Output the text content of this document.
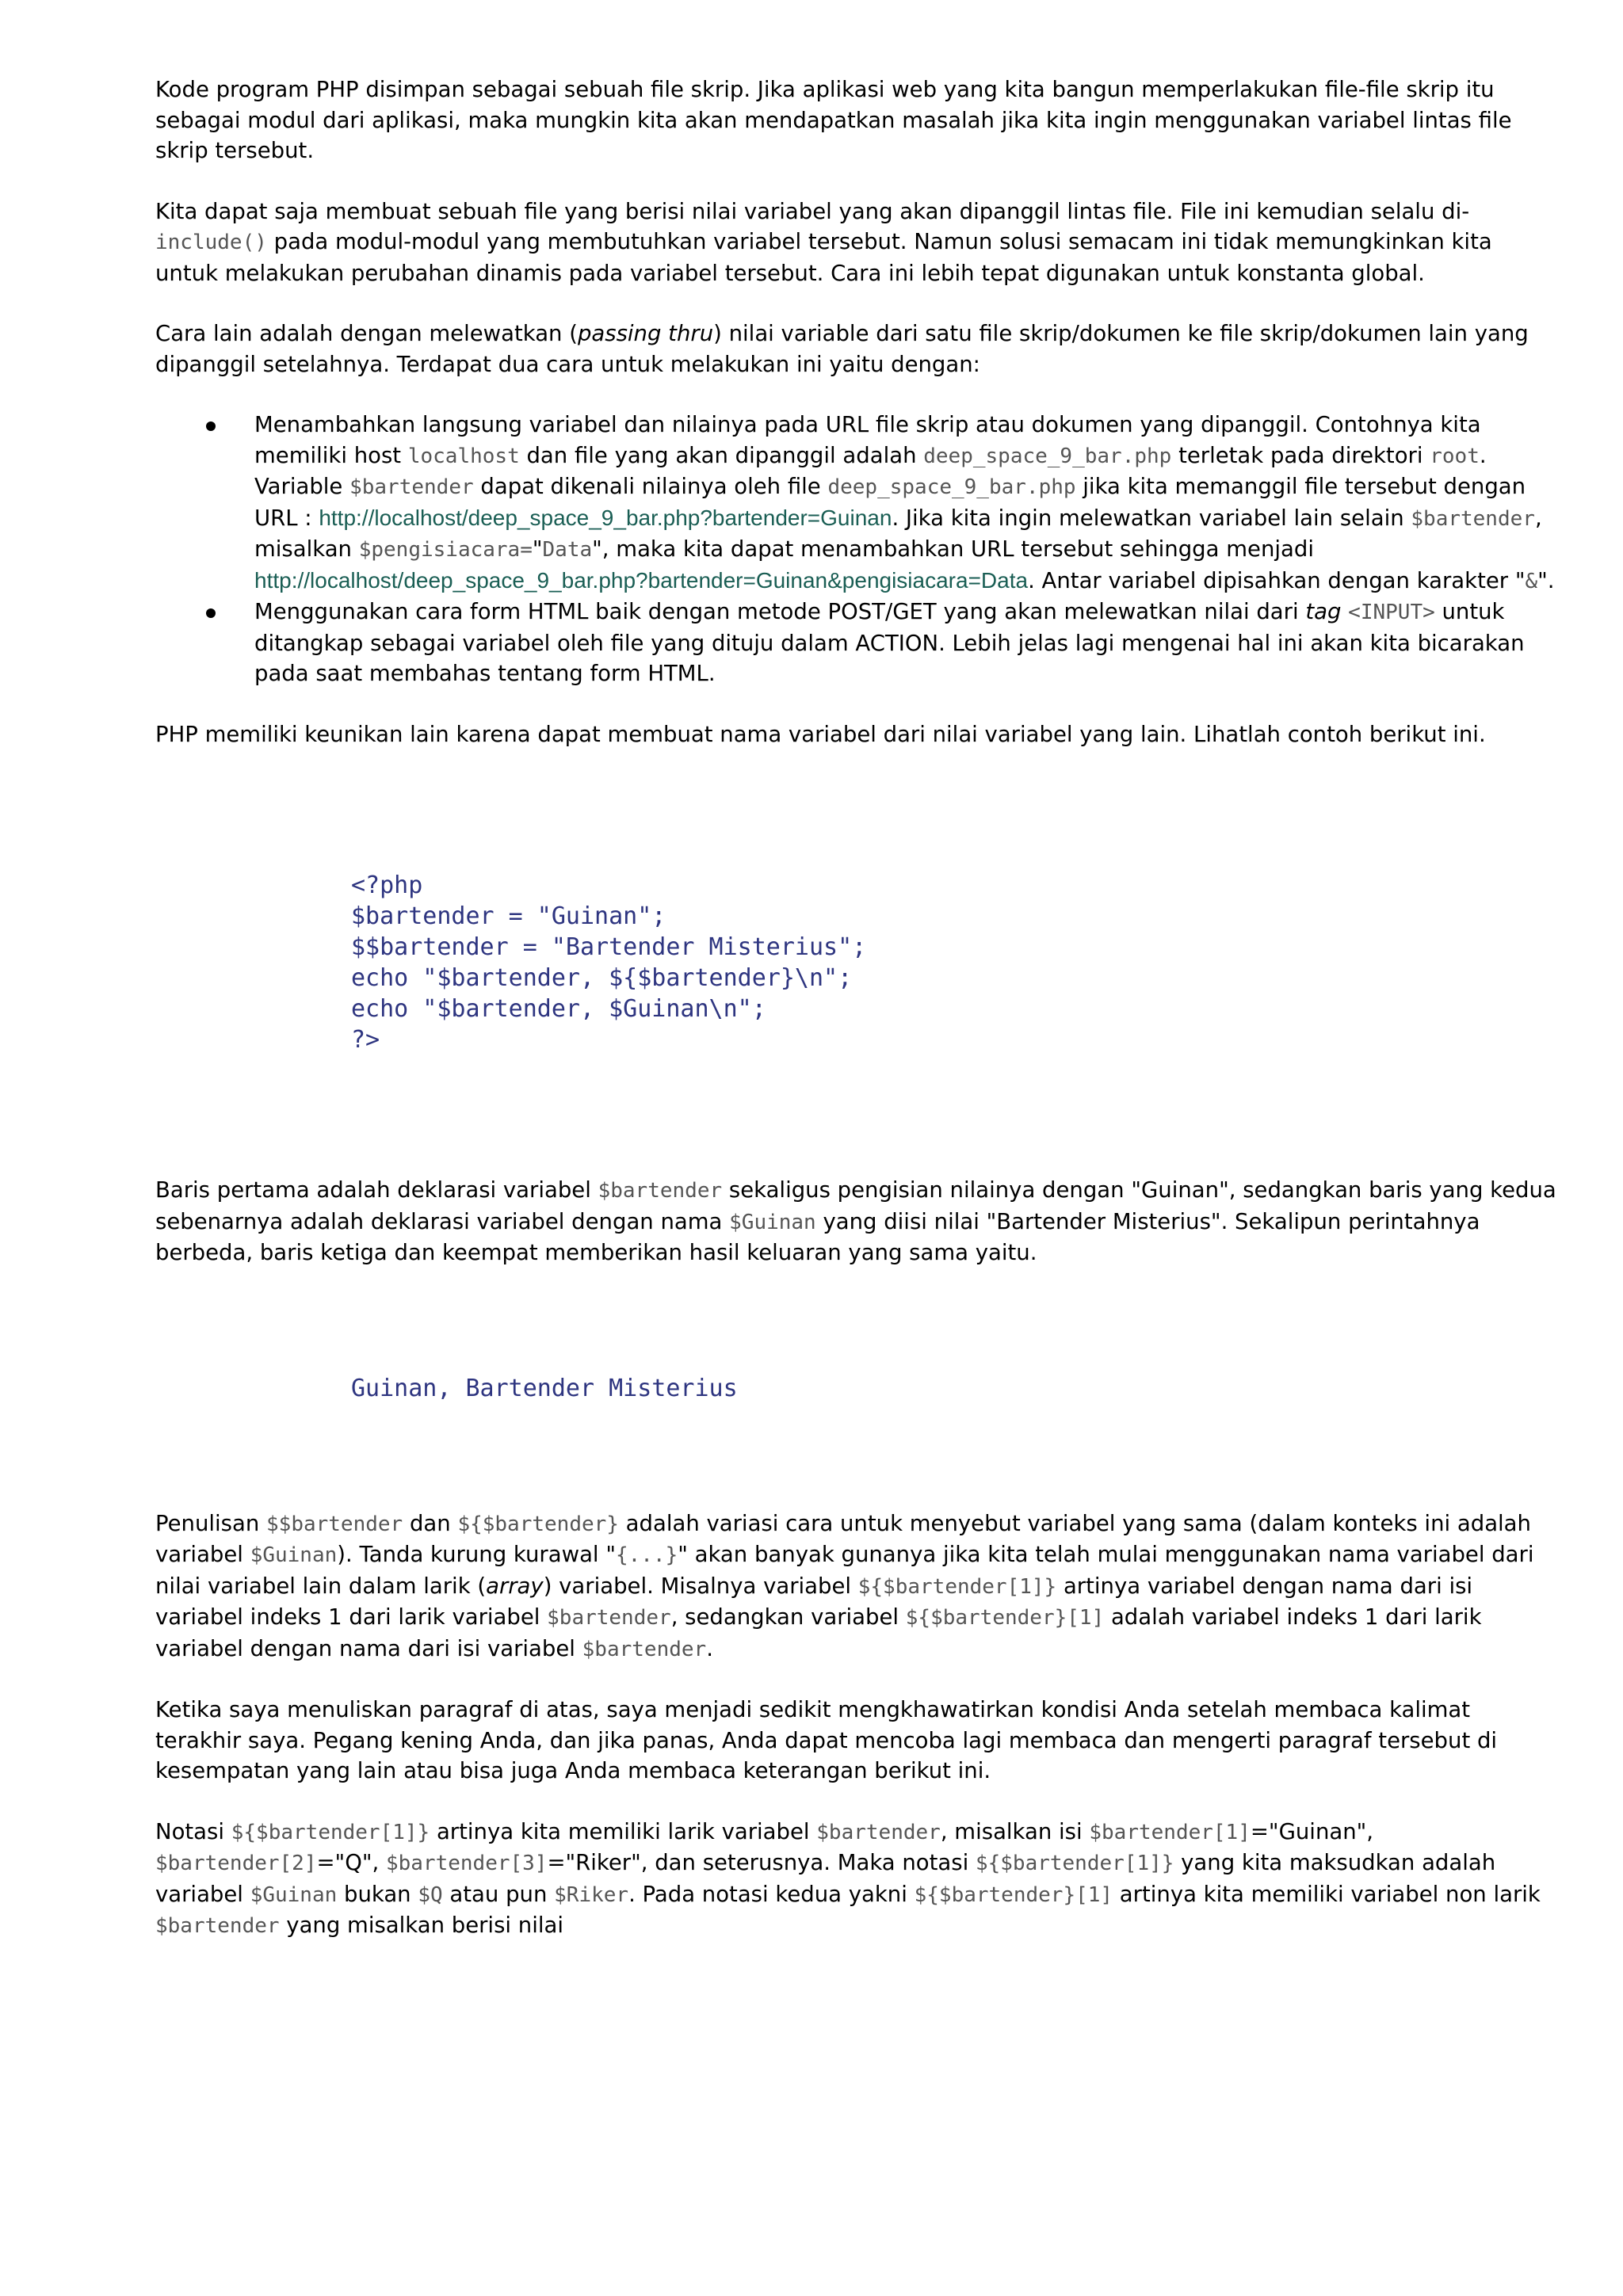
Kode program PHP disimpan sebagai sebuah file skrip. Jika aplikasi web yang kita bangun memperlakukan file-file skrip itu sebagai modul dari aplikasi, maka mungkin kita akan mendapatkan masalah jika kita ingin menggunakan variabel lintas file skrip tersebut.

Kita dapat saja membuat sebuah file yang berisi nilai variabel yang akan dipanggil lintas file. File ini kemudian selalu di-include() pada modul-modul yang membutuhkan variabel tersebut. Namun solusi semacam ini tidak memungkinkan kita untuk melakukan perubahan dinamis pada variabel tersebut. Cara ini lebih tepat digunakan untuk konstanta global.

Cara lain adalah dengan melewatkan (passing thru) nilai variable dari satu file skrip/dokumen ke file skrip/dokumen lain yang dipanggil setelahnya. Terdapat dua cara untuk melakukan ini yaitu dengan:

Menambahkan langsung variabel dan nilainya pada URL file skrip atau dokumen yang dipanggil. Contohnya kita memiliki host localhost dan file yang akan dipanggil adalah deep_space_9_bar.php terletak pada direktori root. Variable $bartender dapat dikenali nilainya oleh file deep_space_9_bar.php jika kita memanggil file tersebut dengan URL : http://localhost/deep_space_9_bar.php?bartender=Guinan. Jika kita ingin melewatkan variabel lain selain $bartender, misalkan $pengisiacara="Data", maka kita dapat menambahkan URL tersebut sehingga menjadi
http://localhost/deep_space_9_bar.php?bartender=Guinan&pengisiacara=Data. Antar variabel dipisahkan dengan karakter "&".
Menggunakan cara form HTML baik dengan metode POST/GET yang akan melewatkan nilai dari tag <INPUT> untuk ditangkap sebagai variabel oleh file yang dituju dalam ACTION. Lebih jelas lagi mengenai hal ini akan kita bicarakan pada saat membahas tentang form HTML.

PHP memiliki keunikan lain karena dapat membuat nama variabel dari nilai variabel yang lain. Lihatlah contoh berikut ini.

<?php
$bartender = "Guinan";
$$bartender = "Bartender Misterius";
echo "$bartender, ${$bartender}\n";
echo "$bartender, $Guinan\n";
?>

Baris pertama adalah deklarasi variabel $bartender sekaligus pengisian nilainya dengan "Guinan", sedangkan baris yang kedua sebenarnya adalah deklarasi variabel dengan nama $Guinan yang diisi nilai "Bartender Misterius". Sekalipun perintahnya berbeda, baris ketiga dan keempat memberikan hasil keluaran yang sama yaitu.

Guinan, Bartender Misterius

Penulisan $$bartender dan ${$bartender} adalah variasi cara untuk menyebut variabel yang sama (dalam konteks ini adalah variabel $Guinan). Tanda kurung kurawal "{...}" akan banyak gunanya jika kita telah mulai menggunakan nama variabel dari nilai variabel lain dalam larik (array) variabel. Misalnya variabel ${$bartender[1]} artinya variabel dengan nama dari isi variabel indeks 1 dari larik variabel $bartender, sedangkan variabel ${$bartender}[1] adalah variabel indeks 1 dari larik variabel dengan nama dari isi variabel $bartender.

Ketika saya menuliskan paragraf di atas, saya menjadi sedikit mengkhawatirkan kondisi Anda setelah membaca kalimat terakhir saya. Pegang kening Anda, dan jika panas, Anda dapat mencoba lagi membaca dan mengerti paragraf tersebut di kesempatan yang lain atau bisa juga Anda membaca keterangan berikut ini.

Notasi ${$bartender[1]} artinya kita memiliki larik variabel $bartender, misalkan isi $bartender[1]="Guinan", $bartender[2]="Q", $bartender[3]="Riker", dan seterusnya. Maka notasi ${$bartender[1]} yang kita maksudkan adalah variabel $Guinan bukan $Q atau pun $Riker. Pada notasi kedua yakni ${$bartender}[1] artinya kita memiliki variabel non larik $bartender yang misalkan berisi nilai
